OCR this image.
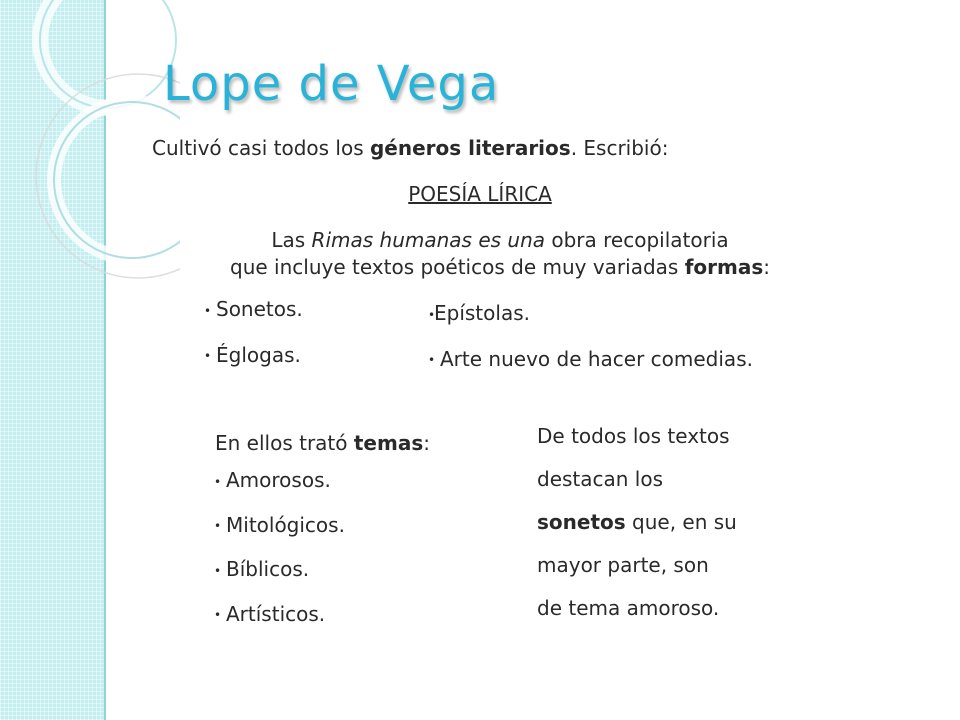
Lope de Vega
Cultivó casi todos los géneros literarios. Escribió:
POESÍA LÍRICA
Las Rimas humanas es una obra recopilatoria
que incluye textos poéticos de muy variadas formas:
• Sonetos.
• Églogas.
•Epístolas.
• Arte nuevo de hacer comedias.
En ellos trató temas:
• Amorosos.
• Mitológicos.
• Bíblicos.
• Artísticos.
De todos los textos
destacan los
sonetos que, en su
mayor parte, son
de tema amoroso.
